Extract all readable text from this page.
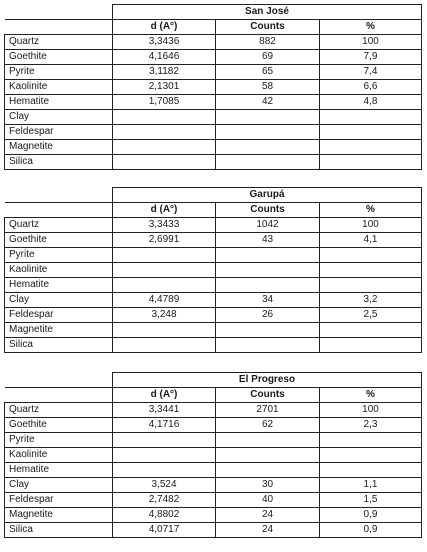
	San José		
	d (A°)	Counts	%
Quartz	3,3436	882	100
Goethite	4,1646	69	7,9
Pyrite	3,1182	65	7,4
Kaolinite	2,1301	58	6,6
Hematite	1,7085	42	4,8
Clay			
Feldespar			
Magnetite			
Silica			
	Garupá		
	d (A°)	Counts	%
Quartz	3,3433	1042	100
Goethite	2,6991	43	4,1
Pyrite			
Kaolinite			
Hematite			
Clay	4,4789	34	3,2
Feldespar	3,248	26	2,5
Magnetite			
Silica			
	El Progreso		
	d (A°)	Counts	%
Quartz	3,3441	2701	100
Goethite	4,1716	62	2,3
Pyrite			
Kaolinite			
Hematite			
Clay	3,524	30	1,1
Feldespar	2,7482	40	1,5
Magnetite	4,8802	24	0,9
Silica	4,0717	24	0,9
